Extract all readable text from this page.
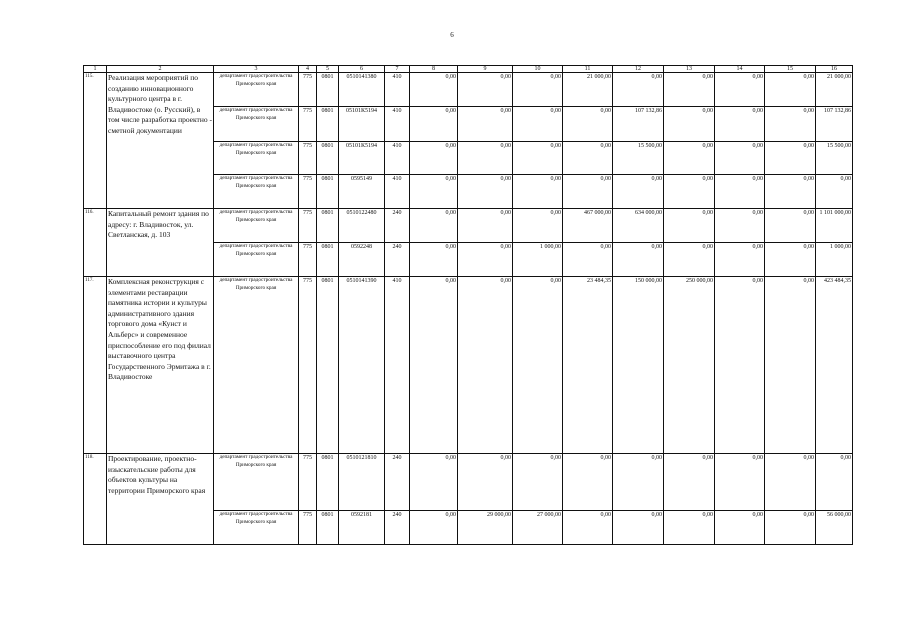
6
1	2	3	4	5	6	7	8	9	10	11	12	13	14	15	16
115.	Реализация мероприятий по созданию инновационного культурного центра в г. Владивостоке (о. Русский), в том числе разработка проектно - сметной документации	департамент градостроительства Приморского края	775	0801	0510141380	410	0,00	0,00	0,00	21 000,00	0,00	0,00	0,00	0,00	21 000,00
		департамент градостроительства Приморского края	775	0801	05101К5194	410	0,00	0,00	0,00	0,00	107 132,86	0,00	0,00	0,00	107 132,86
		департамент градостроительства Приморского края	775	0801	05101К5194	410	0,00	0,00	0,00	0,00	15 500,00	0,00	0,00	0,00	15 500,00
		департамент градостроительства Приморского края	775	0801	0595149	410	0,00	0,00	0,00	0,00	0,00	0,00	0,00	0,00	0,00
116.	Капитальный ремонт здания по адресу: г. Владивосток, ул. Светланская, д. 103	департамент градостроительства Приморского края	775	0801	0510122480	240	0,00	0,00	0,00	467 000,00	634 000,00	0,00	0,00	0,00	1 101 000,00
		департамент градостроительства Приморского края	775	0801	0592248	240	0,00	0,00	1 000,00	0,00	0,00	0,00	0,00	0,00	1 000,00
117.	Комплексная реконструкция с элементами реставрации памятника истории и культуры административного здания торгового дома «Кунст и Альберс» и современное приспособление его под филиал выставочного центра Государственного Эрмитажа в г. Владивостоке	департамент градостроительства Приморского края	775	0801	0510141390	410	0,00	0,00	0,00	23 484,35	150 000,00	250 000,00	0,00	0,00	423 484,35
118.	Проектирование, проектно-изыскательские работы для объектов культуры на территории Приморского края	департамент градостроительства Приморского края	775	0801	0510121810	240	0,00	0,00	0,00	0,00	0,00	0,00	0,00	0,00	0,00
		департамент градостроительства Приморского края	775	0801	0592181	240	0,00	29 000,00	27 000,00	0,00	0,00	0,00	0,00	0,00	56 000,00
